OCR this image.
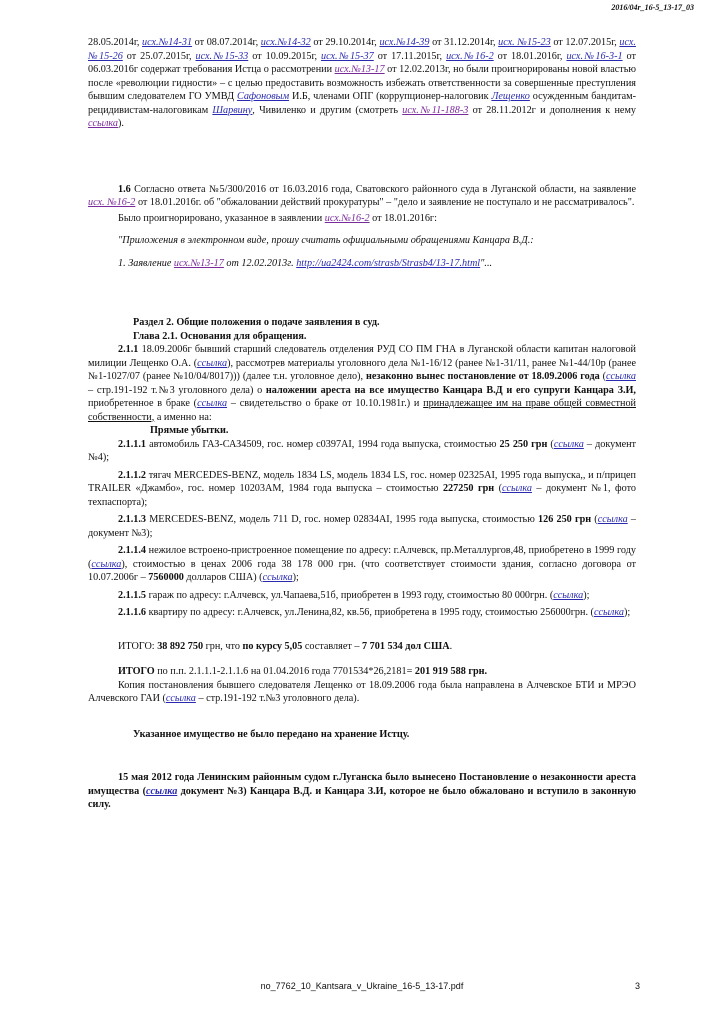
2016/04r_16-5_13-17_03

28.05.2014г, исх.№14-31 от 08.07.2014г, исх.№14-32 от 29.10.2014г, исх.№14-39 от 31.12.2014г, исх. №15-23 от 12.07.2015г, исх.№15-26 от 25.07.2015г, исх.№15-33 от 10.09.2015г, исх.№15-37 от 17.11.2015г, исх.№16-2 от 18.01.2016г, исх.№16-3-1 от 06.03.2016г содержат требования Истца о рассмотрении исх.№13-17 от 12.02.2013г, но были проигнорированы новой властью после «революции гидности» – с целью предоставить возможность избежать ответственности за совершенные преступления бывшим следователем ГО УМВД Сафоновым И.Б, членами ОПГ (коррупционер-налоговик Лещенко осужденным бандитам-рецидивистам-налоговикам Шарвину, Чивиленко и другим (смотреть исх.№11-188-3 от 28.11.2012г и дополнения к нему ссылка).

1.6 Согласно ответа №5/300/2016 от 16.03.2016 года, Сватовского районного суда в Луганской области, на заявление исх. №16-2 от 18.01.2016г. об "обжаловании действий прокуратуры" – "дело и заявление не поступало и не рассматривалось".

Было проигнорировано, указанное в заявлении исх.№16-2 от 18.01.2016г:

"Приложения в электронном виде, прошу считать официальными обращениями Канцара В.Д.:

1. Заявление исх.№13-17 от 12.02.2013г. http://ua2424.com/strasb/Strasb4/13-17.html"...

Раздел 2. Общие положения о подаче заявления в суд.

Глава 2.1. Основания для обращения.

2.1.1 18.09.2006г бывший старший следователь отделения РУД СО ПМ ГНА в Луганской области капитан налоговой милиции Лещенко О.А. (ссылка), рассмотрев материалы уголовного дела №1-16/12 (ранее №1-31/11, ранее №1-44/10р (ранее №1-1027/07 (ранее №10/04/8017))) (далее т.н. уголовное дело), незаконно вынес постановление от 18.09.2006 года (ссылка – стр.191-192 т.№3 уголовного дела) о наложении ареста на все имущество Канцара В.Д и его супруги Канцара З.И, приобретенное в браке (ссылка – свидетельство о браке от 10.10.1981г.) и принадлежащее им на праве общей совместной собственности, а именно на:

Прямые убытки.

2.1.1.1 автомобиль ГАЗ-САЗ4509, гос. номер с0397АI, 1994 года выпуска, стоимостью 25 250 грн (ссылка – документ №4);

2.1.1.2 тягач MERCEDES-BENZ, модель 1834 LS, модель 1834 LS, гос. номер 02325АI, 1995 года выпуска,, и п/прицеп TRAILER «Джамбо», гос. номер 10203АМ, 1984 года выпуска – стоимостью 227250 грн (ссылка – документ №1, фото техпаспорта);

2.1.1.3 MERCEDES-BENZ, модель 711 D, гос. номер 02834АI, 1995 года выпуска, стоимостью 126 250 грн (ссылка – документ №3);

2.1.1.4 нежилое встроено-пристроенное помещение по адресу: г.Алчевск, пр.Металлургов,48, приобретено в 1999 году (ссылка), стоимостью в ценах 2006 года 38 178 000 грн. (что соответствует стоимости здания, согласно договора от 10.07.2006г – 7560000 долларов США) (ссылка);

2.1.1.5 гараж по адресу: г.Алчевск, ул.Чапаева,51б, приобретен в 1993 году, стоимостью 80 000грн. (ссылка);

2.1.1.6 квартиру по адресу: г.Алчевск, ул.Ленина,82, кв.56, приобретена в 1995 году, стоимостью 256000грн. (ссылка);

ИТОГО: 38 892 750 грн, что по курсу 5,05 составляет – 7 701 534 дол США.

ИТОГО по п.п. 2.1.1.1-2.1.1.6 на 01.04.2016 года 7701534*26,2181= 201 919 588 грн.

Копия постановления бывшего следователя Лещенко от 18.09.2006 года была направлена в Алчевское БТИ и МРЭО Алчевского ГАИ (ссылка – стр.191-192 т.№3 уголовного дела).

Указанное имущество не было передано на хранение Истцу.

15 мая 2012 года Ленинским районным судом г.Луганска было вынесено Постановление о незаконности ареста имущества (ссылка документ №3) Канцара В.Д. и Канцара З.И, которое не было обжаловано и вступило в законную силу.

no_7762_10_Kantsara_v_Ukraine_16-5_13-17.pdf	3
